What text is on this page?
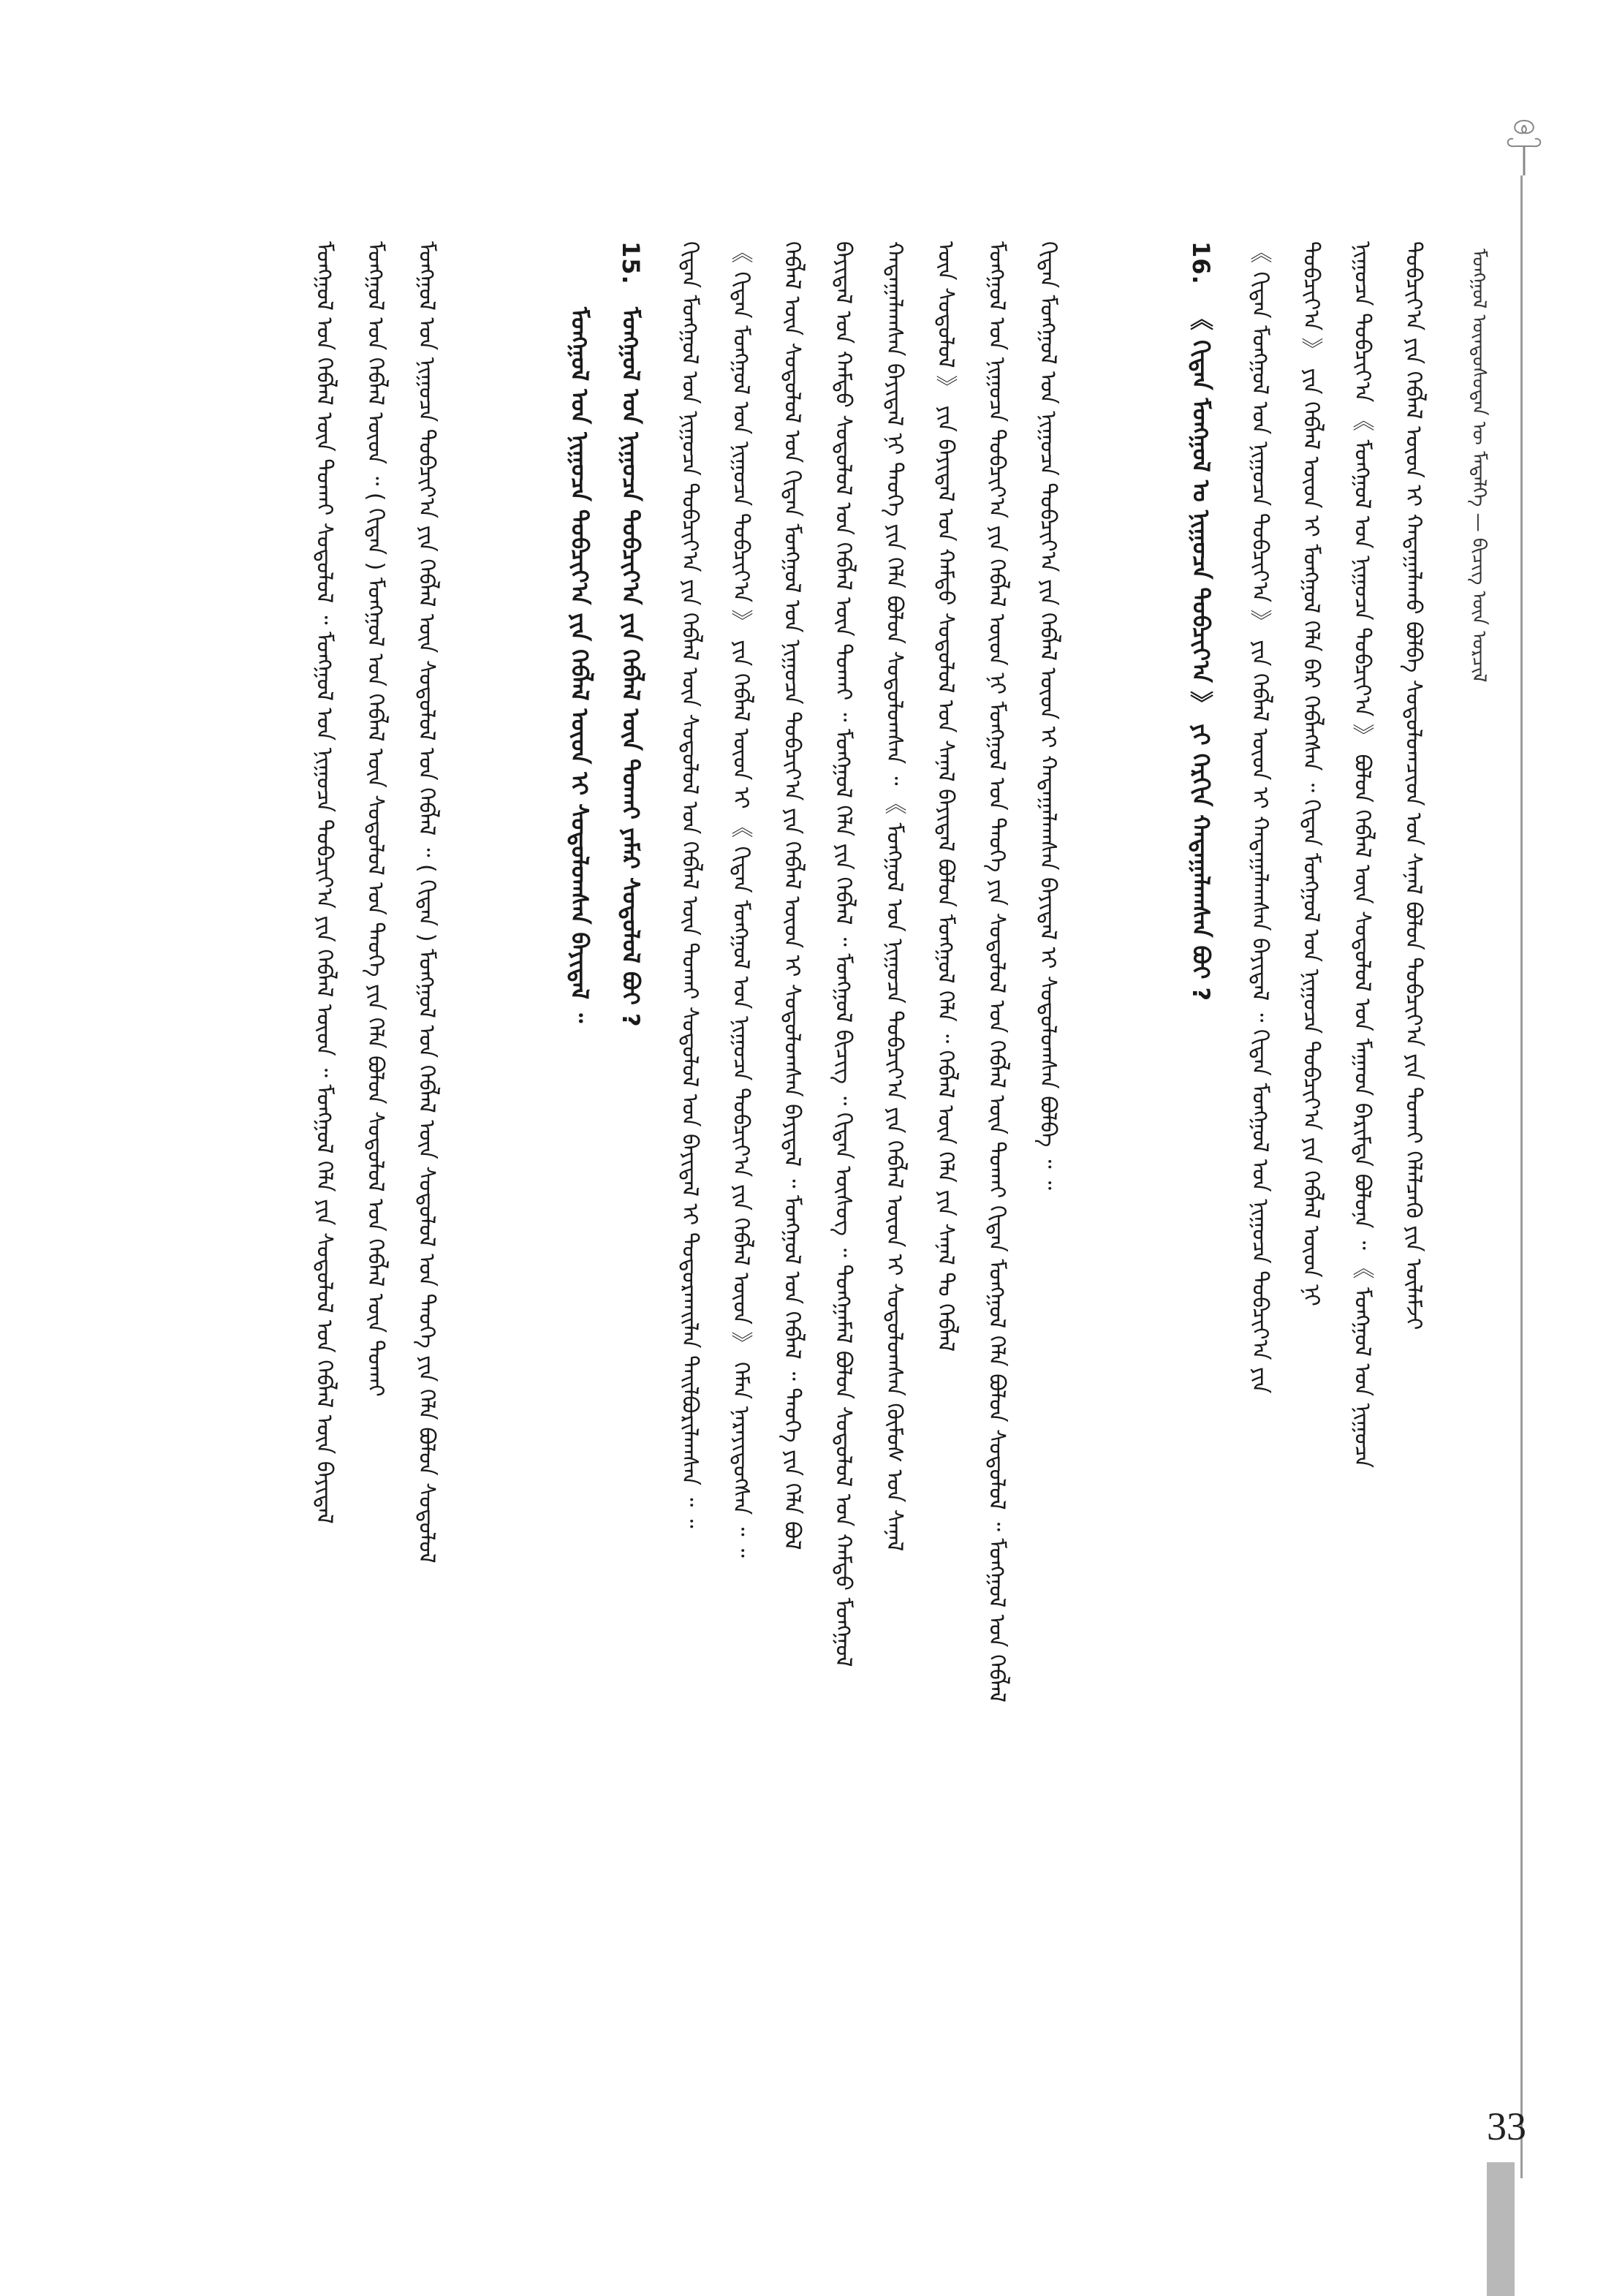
33
ᠮᠣᠩᠭᠣᠯ ᠦᠨᠳᠦᠰᠦᠲᠡᠨ ᠦ ᠮᠡᠳᠡᠯᠭᠡ — ᠪᠢᠴᠢᠭ᠌ ᠦᠨ ᠣᠷᠴᠢᠯ
ᠲᠣᠪᠴᠢᠶ᠎ᠠ ᠶᠢᠨ ᠬᠡᠪᠯᠡᠯ ᠦᠳ ᠢ ᠬᠠᠳᠠᠭᠠᠯᠠᠬᠤ ᠪᠣᠯᠪᠠ ᠰᠤᠳᠤᠯᠤᠭᠴᠢᠳ ᠤᠨ ᠰᠠᠨᠠᠯ ᠪᠣᠯᠤᠨ ᠲᠣᠪᠴᠢᠶ᠎ᠠ ᠶᠢᠨ ᠲᠤᠬᠠᠢ ᠬᠡᠯᠡᠯᠴᠡᠬᠦ ᠶᠢᠨ ᠦᠯᠡᠮᠵᠢ
ᠨᠢᠭᠤᠴᠠ ᠲᠣᠪᠴᠢᠶ᠎ᠠ 《 ᠮᠣᠩᠭᠣᠯ ᠤᠨ ᠨᠢᠭᠤᠴᠠ ᠲᠣᠪᠴᠢᠶ᠎ᠠ 》 ᠪᠣᠯᠤᠨ ᠬᠡᠪᠯᠡᠯ ᠦᠨ ᠰᠤᠳᠤᠯᠤᠯ ᠤᠨ ᠮᠠᠭᠠᠳ ᠪᠠᠷᠢᠮᠲᠠ ᠪᠣᠯᠤᠨᠠ ᠃ 《 ᠮᠣᠩᠭᠣᠯ ᠤᠨ ᠨᠢᠭᠤᠴᠠ
ᠲᠣᠪᠴᠢᠶ᠎ᠠ 》 ᠶᠢᠨ ᠬᠡᠪᠯᠡᠯ ᠦᠳ ᠢ ᠮᠣᠩᠭᠣᠯ ᠬᠡᠯᠡ ᠪᠡᠷ ᠬᠡᠪᠯᠡᠭᠰᠡᠨ ᠃ ᠬᠢᠳᠠᠨ ᠮᠣᠩᠭᠣᠯ ᠤᠨ ᠨᠢᠭᠤᠴᠠ ᠲᠣᠪᠴᠢᠶ᠎ᠠ ᠶᠢᠨ ᠬᠡᠪᠯᠡᠯ ᠦᠳ ᠨᠢ
《 ᠬᠢᠳᠠᠨ ᠮᠣᠩᠭᠣᠯ ᠤᠨ ᠨᠢᠭᠤᠴᠠ ᠲᠣᠪᠴᠢᠶ᠎ᠠ 》 ᠶᠢᠨ ᠬᠡᠪᠯᠡᠯ ᠦᠳ ᠢ ᠬᠠᠳᠠᠭᠠᠯᠠᠭᠰᠠᠨ ᠪᠠᠶᠢᠳᠠᠯ ᠃ ᠬᠢᠳᠠᠨ ᠮᠣᠩᠭᠣᠯ ᠤᠨ ᠨᠢᠭᠤᠴᠠ ᠲᠣᠪᠴᠢᠶ᠎ᠠ ᠶᠢᠨ
16.
《 ᠬᠢᠳᠠᠨ ᠮᠣᠩᠭᠣᠯ ᠤ ᠨᠢᠭᠤᠴᠠ ᠲᠣᠪᠴᠢᠶ᠎ᠠ 》 ᠶᠢ ᠬᠡᠷᠬᠢᠨ ᠬᠠᠳᠠᠭᠠᠯᠠᠭᠰᠠᠨ ᠪᠣᠢ ?
ᠬᠢᠳᠠᠨ ᠮᠣᠩᠭᠣᠯ ᠤᠨ ᠨᠢᠭᠤᠴᠠ ᠲᠣᠪᠴᠢᠶ᠎ᠠ ᠶᠢᠨ ᠬᠡᠪᠯᠡᠯ ᠦᠳ ᠢ ᠬᠠᠳᠠᠭᠠᠯᠠᠭᠰᠠᠨ ᠪᠠᠶᠢᠳᠠᠯ ᠢ ᠰᠤᠳᠤᠯᠤᠭᠰᠠᠨ ᠪᠣᠯᠪᠠ ᠃ ᠃
ᠮᠣᠩᠭᠣᠯ ᠤᠨ ᠨᠢᠭᠤᠴᠠ ᠲᠣᠪᠴᠢᠶ᠎ᠠ ᠶᠢᠨ ᠬᠡᠪᠯᠡᠯ ᠦᠳ ᠨᠢ ᠮᠣᠩᠭᠣᠯ ᠤᠨ ᠲᠡᠦᠬᠡ ᠶᠢᠨ ᠰᠤᠳᠤᠯᠤᠯ ᠤᠨ ᠬᠡᠪᠯᠡᠯ ᠦᠨ ᠲᠤᠬᠠᠢ ᠬᠢᠳᠠᠨ ᠮᠣᠩᠭᠣᠯ ᠬᠡᠯᠡ ᠪᠣᠯᠤᠨ ᠰᠤᠳᠤᠯᠤᠯ ᠃ ᠮᠣᠩᠭᠣᠯ ᠤᠨ ᠬᠡᠪᠯᠡᠯ
ᠦᠨ ᠰᠤᠳᠤᠯᠤᠯ 》 ᠶᠢᠨ ᠪᠠᠶᠢᠳᠠᠯ ᠤᠨ ᠬᠠᠮᠲᠤ ᠰᠤᠳᠤᠯᠤᠯ ᠤᠨ ᠰᠠᠨᠠᠯ ᠪᠠᠶᠢᠳᠠᠯ ᠪᠣᠯᠤᠨ ᠮᠣᠩᠭᠣᠯ ᠬᠡᠯᠡ ᠃ ᠬᠡᠪᠯᠡᠯ ᠦᠨ ᠬᠡᠯᠡ ᠶᠢᠨ ᠰᠠᠨᠠᠯ ᠲᠤ ᠬᠡᠪᠯᠡᠯ
ᠬᠠᠳᠠᠭᠠᠯᠠᠭᠰᠠᠨ ᠪᠠᠶᠢᠳᠠᠯ ᠨᠢ ᠲᠡᠦᠬᠡ ᠶᠢᠨ ᠬᠡᠯᠡ ᠪᠣᠯᠤᠨ ᠰᠤᠳᠤᠯᠤᠭᠰᠠᠨ ᠃ 《 ᠮᠣᠩᠭᠣᠯ ᠤᠨ ᠨᠢᠭᠤᠴᠠ ᠲᠣᠪᠴᠢᠶ᠎ᠠ ᠶᠢᠨ ᠬᠡᠪᠯᠡᠯ ᠦᠳ ᠢ ᠰᠤᠳᠤᠯᠤᠭᠰᠠᠨ ᠬᠦᠮᠦᠰ ᠤᠨ ᠰᠠᠨᠠᠯ
ᠪᠠᠶᠢᠳᠠᠯ ᠤᠨ ᠬᠠᠮᠲᠤ ᠰᠤᠳᠤᠯᠤᠯ ᠤᠨ ᠬᠡᠪᠯᠡᠯ ᠦᠨ ᠲᠤᠬᠠᠢ ᠃ ᠮᠣᠩᠭᠣᠯ ᠬᠡᠯᠡ ᠶᠢᠨ ᠬᠡᠪᠯᠡᠯ ᠃ ᠮᠣᠩᠭᠣᠯ ᠪᠢᠴᠢᠭ ᠃ ᠬᠢᠳᠠᠨ ᠦᠰᠦᠭ ᠃ ᠲᠤᠩᠭᠠᠮᠠᠯ ᠪᠣᠯᠤᠨ ᠰᠤᠳᠤᠯᠤᠯ ᠤᠨ ᠬᠠᠮᠲᠤ ᠮᠣᠩᠭᠣᠯ
ᠬᠡᠪᠯᠡᠯ ᠦᠨ ᠰᠤᠳᠤᠯᠤᠯ ᠤᠨ ᠬᠢᠳᠠᠨ ᠮᠣᠩᠭᠣᠯ ᠤᠨ ᠨᠢᠭᠤᠴᠠ ᠲᠣᠪᠴᠢᠶ᠎ᠠ ᠶᠢᠨ ᠬᠡᠪᠯᠡᠯ ᠦᠳ ᠢ ᠰᠤᠳᠤᠯᠤᠭᠰᠠᠨ ᠪᠠᠶᠢᠳᠠᠯ ᠃ ᠮᠣᠩᠭᠣᠯ ᠤᠨ ᠬᠡᠪᠯᠡᠯ ᠃ ᠲᠡᠦᠬᠡ ᠶᠢᠨ ᠬᠡᠯᠡ ᠪᠣᠯ
《 ᠬᠢᠳᠠᠨ ᠮᠣᠩᠭᠣᠯ ᠤᠨ ᠨᠢᠭᠤᠴᠠ ᠲᠣᠪᠴᠢᠶ᠎ᠠ 》 ᠶᠢᠨ ᠬᠡᠪᠯᠡᠯ ᠦᠳ ᠢ 《 ᠬᠢᠳᠠᠨ ᠮᠣᠩᠭᠣᠯ ᠤᠨ ᠨᠢᠭᠤᠴᠠ ᠲᠣᠪᠴᠢᠶ᠎ᠠ ᠶᠢᠨ ᠬᠡᠪᠯᠡᠯ ᠦᠳ 》 ᠬᠡᠮᠡᠨ ᠨᠡᠷᠡᠶᠢᠳᠦᠭᠰᠡᠨ ᠃ ᠃
ᠬᠢᠳᠠᠨ ᠮᠣᠩᠭᠣᠯ ᠤᠨ ᠨᠢᠭᠤᠴᠠ ᠲᠣᠪᠴᠢᠶ᠎ᠠ ᠶᠢᠨ ᠬᠡᠪᠯᠡᠯ ᠦᠨ ᠰᠤᠳᠤᠯᠤᠯ ᠤᠨ ᠬᠡᠪᠯᠡᠯ ᠦᠨ ᠲᠤᠬᠠᠢ ᠰᠤᠳᠤᠯᠤᠯ ᠤᠨ ᠪᠠᠶᠢᠳᠠᠯ ᠢ ᠲᠣᠳᠣᠷᠬᠠᠢᠯᠠᠨ ᠲᠠᠢᠯᠪᠤᠷᠢᠯᠠᠭᠰᠠᠨ ᠃ ᠃
15.
ᠮᠣᠩᠭᠣᠯ ᠤᠨ ᠨᠢᠭᠤᠴᠠ ᠲᠣᠪᠴᠢᠶ᠎ᠠ ᠶᠢᠨ ᠬᠡᠪᠯᠡᠯ ᠦᠨ ᠲᠤᠬᠠᠢ ᠶᠠᠮᠠᠷ ᠰᠤᠳᠤᠯᠤᠯ ᠪᠤᠢ ?
ᠮᠣᠩᠭᠣᠯ ᠤᠨ ᠨᠢᠭᠤᠴᠠ ᠲᠣᠪᠴᠢᠶ᠎ᠠ ᠶᠢᠨ ᠬᠡᠪᠯᠡᠯ ᠦᠳ ᠢ ᠰᠤᠳᠤᠯᠤᠭᠰᠠᠨ ᠪᠠᠶᠢᠳᠠᠯ ᠃
ᠮᠣᠩᠭᠣᠯ ᠤᠨ ᠨᠢᠭᠤᠴᠠ ᠲᠣᠪᠴᠢᠶ᠎ᠠ ᠶᠢᠨ ᠬᠡᠪᠯᠡᠯ ᠦᠨ ᠰᠤᠳᠤᠯᠤᠯ ᠤᠨ ᠬᠡᠪᠯᠡᠯ ᠃ ( ᠬᠢᠳᠠᠨ ) ᠮᠣᠩᠭᠣᠯ ᠤᠨ ᠬᠡᠪᠯᠡᠯ ᠦᠨ ᠰᠤᠳᠤᠯᠤᠯ ᠤᠨ ᠲᠡᠦᠬᠡ ᠶᠢᠨ ᠬᠡᠯᠡ ᠪᠣᠯᠤᠨ ᠰᠤᠳᠤᠯᠤᠯ
ᠮᠣᠩᠭᠣᠯ ᠤᠨ ᠬᠡᠪᠯᠡᠯ ᠦᠳ ᠃ ( ᠬᠢᠳᠠᠨ ) ᠮᠣᠩᠭᠣᠯ ᠤᠨ ᠬᠡᠪᠯᠡᠯ ᠦᠨ ᠰᠤᠳᠤᠯᠤᠯ ᠤᠨ ᠲᠡᠦᠬᠡ ᠶᠢᠨ ᠬᠡᠯᠡ ᠪᠣᠯᠤᠨ ᠰᠤᠳᠤᠯᠤᠯ ᠤᠨ ᠬᠡᠪᠯᠡᠯ ᠦᠨ ᠲᠤᠬᠠᠢ
ᠮᠣᠩᠭᠣᠯ ᠤᠨ ᠬᠡᠪᠯᠡᠯ ᠦᠨ ᠲᠤᠬᠠᠢ ᠰᠤᠳᠤᠯᠤᠯ ᠃ ᠮᠣᠩᠭᠣᠯ ᠤᠨ ᠨᠢᠭᠤᠴᠠ ᠲᠣᠪᠴᠢᠶ᠎ᠠ ᠶᠢᠨ ᠬᠡᠪᠯᠡᠯ ᠦᠳ ᠃ ᠮᠣᠩᠭᠣᠯ ᠬᠡᠯᠡ ᠶᠢᠨ ᠰᠤᠳᠤᠯᠤᠯ ᠤᠨ ᠬᠡᠪᠯᠡᠯ ᠦᠨ ᠪᠠᠶᠢᠳᠠᠯ
